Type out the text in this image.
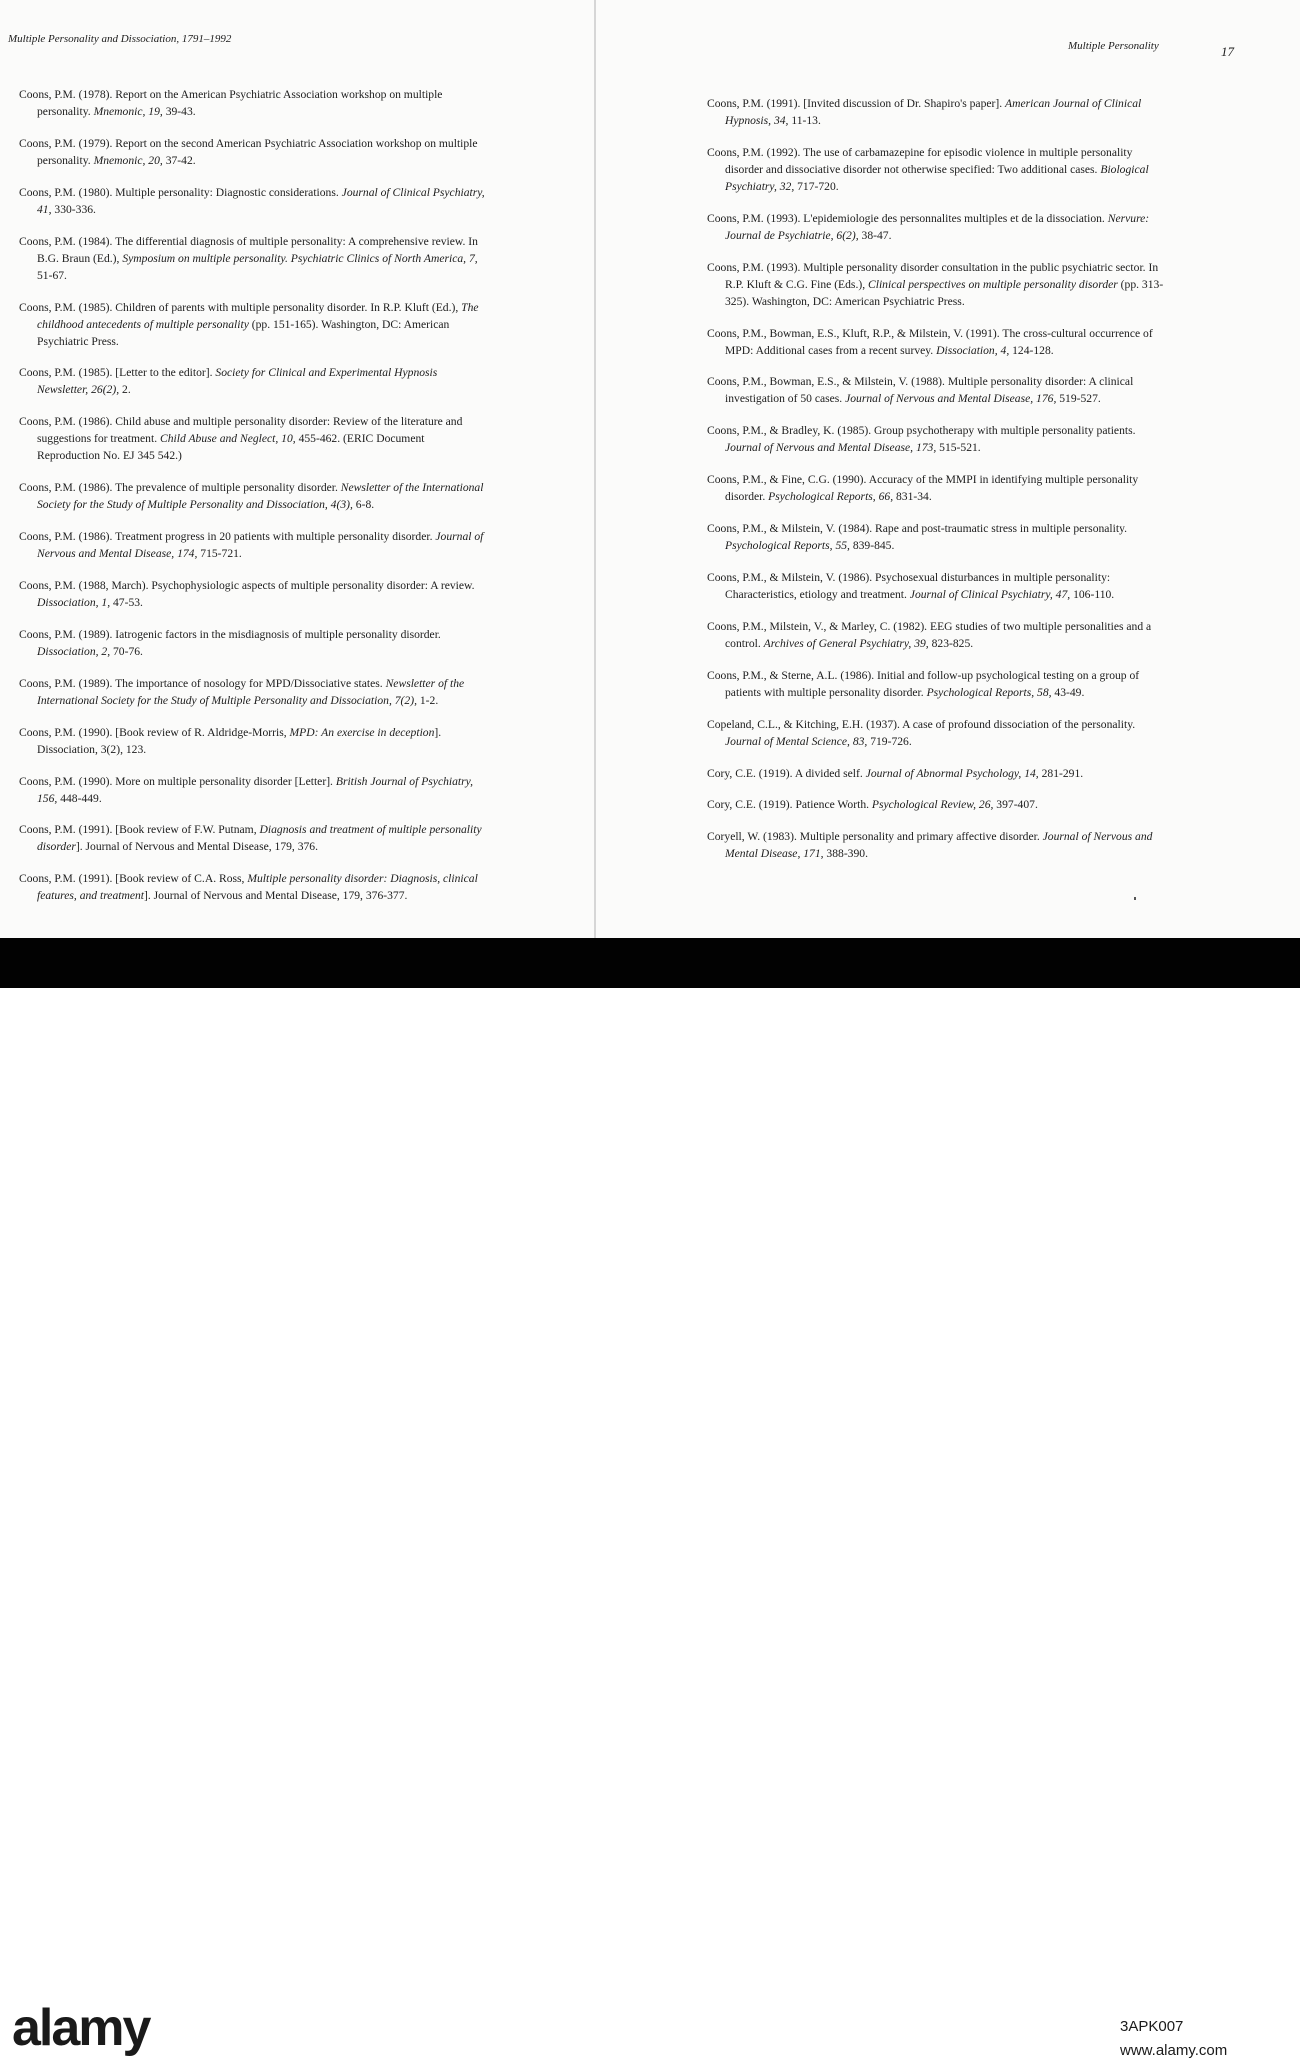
Multiple Personality and Dissociation, 1791–1992
Multiple Personality	17

Coons, P.M. (1978). Report on the American Psychiatric Association workshop on multiple personality. Mnemonic, 19, 39-43.

Coons, P.M. (1979). Report on the second American Psychiatric Association workshop on multiple personality. Mnemonic, 20, 37-42.

Coons, P.M. (1980). Multiple personality: Diagnostic considerations. Journal of Clinical Psychiatry, 41, 330-336.

Coons, P.M. (1984). The differential diagnosis of multiple personality: A comprehensive review. In B.G. Braun (Ed.), Symposium on multiple personality. Psychiatric Clinics of North America, 7, 51-67.

Coons, P.M. (1985). Children of parents with multiple personality disorder. In R.P. Kluft (Ed.), The childhood antecedents of multiple personality (pp. 151-165). Washington, DC: American Psychiatric Press.

Coons, P.M. (1985). [Letter to the editor]. Society for Clinical and Experimental Hypnosis Newsletter, 26(2), 2.

Coons, P.M. (1986). Child abuse and multiple personality disorder: Review of the literature and suggestions for treatment. Child Abuse and Neglect, 10, 455-462. (ERIC Document Reproduction No. EJ 345 542.)

Coons, P.M. (1986). The prevalence of multiple personality disorder. Newsletter of the International Society for the Study of Multiple Personality and Dissociation, 4(3), 6-8.

Coons, P.M. (1986). Treatment progress in 20 patients with multiple personality disorder. Journal of Nervous and Mental Disease, 174, 715-721.

Coons, P.M. (1988, March). Psychophysiologic aspects of multiple personality disorder: A review. Dissociation, 1, 47-53.

Coons, P.M. (1989). Iatrogenic factors in the misdiagnosis of multiple personality disorder. Dissociation, 2, 70-76.

Coons, P.M. (1989). The importance of nosology for MPD/Dissociative states. Newsletter of the International Society for the Study of Multiple Personality and Dissociation, 7(2), 1-2.

Coons, P.M. (1990). [Book review of R. Aldridge-Morris, MPD: An exercise in deception]. Dissociation, 3(2), 123.

Coons, P.M. (1990). More on multiple personality disorder [Letter]. British Journal of Psychiatry, 156, 448-449.

Coons, P.M. (1991). [Book review of F.W. Putnam, Diagnosis and treatment of multiple personality disorder]. Journal of Nervous and Mental Disease, 179, 376.

Coons, P.M. (1991). [Book review of C.A. Ross, Multiple personality disorder: Diagnosis, clinical features, and treatment]. Journal of Nervous and Mental Disease, 179, 376-377.

Coons, P.M. (1991). [Invited discussion of Dr. Shapiro's paper]. American Journal of Clinical Hypnosis, 34, 11-13.

Coons, P.M. (1992). The use of carbamazepine for episodic violence in multiple personality disorder and dissociative disorder not otherwise specified: Two additional cases. Biological Psychiatry, 32, 717-720.

Coons, P.M. (1993). L'epidemiologie des personnalites multiples et de la dissociation. Nervure: Journal de Psychiatrie, 6(2), 38-47.

Coons, P.M. (1993). Multiple personality disorder consultation in the public psychiatric sector. In R.P. Kluft & C.G. Fine (Eds.), Clinical perspectives on multiple personality disorder (pp. 313- 325). Washington, DC: American Psychiatric Press.

Coons, P.M., Bowman, E.S., Kluft, R.P., & Milstein, V. (1991). The cross-cultural occurrence of MPD: Additional cases from a recent survey. Dissociation, 4, 124-128.

Coons, P.M., Bowman, E.S., & Milstein, V. (1988). Multiple personality disorder: A clinical investigation of 50 cases. Journal of Nervous and Mental Disease, 176, 519-527.

Coons, P.M., & Bradley, K. (1985). Group psychotherapy with multiple personality patients. Journal of Nervous and Mental Disease, 173, 515-521.

Coons, P.M., & Fine, C.G. (1990). Accuracy of the MMPI in identifying multiple personality disorder. Psychological Reports, 66, 831-34.

Coons, P.M., & Milstein, V. (1984). Rape and post-traumatic stress in multiple personality. Psychological Reports, 55, 839-845.

Coons, P.M., & Milstein, V. (1986). Psychosexual disturbances in multiple personality: Characteristics, etiology and treatment. Journal of Clinical Psychiatry, 47, 106-110.

Coons, P.M., Milstein, V., & Marley, C. (1982). EEG studies of two multiple personalities and a control. Archives of General Psychiatry, 39, 823-825.

Coons, P.M., & Sterne, A.L. (1986). Initial and follow-up psychological testing on a group of patients with multiple personality disorder. Psychological Reports, 58, 43-49.

Copeland, C.L., & Kitching, E.H. (1937). A case of profound dissociation of the personality. Journal of Mental Science, 83, 719-726.

Cory, C.E. (1919). A divided self. Journal of Abnormal Psychology, 14, 281-291.

Cory, C.E. (1919). Patience Worth. Psychological Review, 26, 397-407.

Coryell, W. (1983). Multiple personality and primary affective disorder. Journal of Nervous and Mental Disease, 171, 388-390.

alamy	3APK007
www.alamy.com
